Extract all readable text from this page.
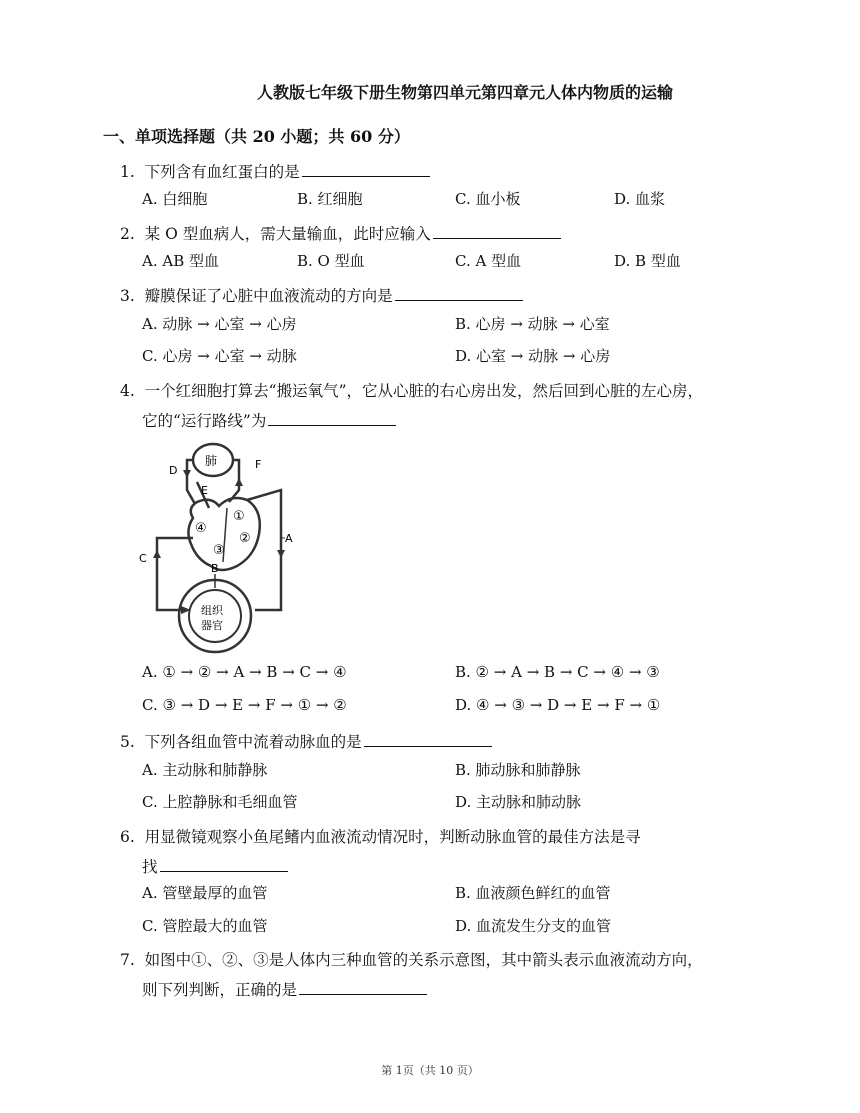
人教版七年级下册生物第四单元第四章元人体内物质的运输
一、单项选择题（共 20 小题；共 60 分）
1. 下列含有血红蛋白的是
A. 白细胞	B. 红细胞	C. 血小板	D. 血浆
2. 某 O 型血病人，需大量输血，此时应输入
A. AB 型血	B. O 型血	C. A 型血	D. B 型血
3. 瓣膜保证了心脏中血液流动的方向是
A. 动脉 → 心室 → 心房	B. 心房 → 动脉 → 心室
C. 心房 → 心室 → 动脉	D. 心室 → 动脉 → 心房
4. 一个红细胞打算去“搬运氧气”，它从心脏的右心房出发，然后回到心脏的左心房，
它的“运行路线”为
肺
组织
器官
A
B
C
D
E
F
①
②
③
④
A. ① → ② → A → B → C → ④	B. ② → A → B → C → ④ → ③
C. ③ → D → E → F → ① → ②	D. ④ → ③ → D → E → F → ①
5. 下列各组血管中流着动脉血的是
A. 主动脉和肺静脉	B. 肺动脉和肺静脉
C. 上腔静脉和毛细血管	D. 主动脉和肺动脉
6. 用显微镜观察小鱼尾鳍内血液流动情况时，判断动脉血管的最佳方法是寻
找
A. 管壁最厚的血管	B. 血液颜色鲜红的血管
C. 管腔最大的血管	D. 血流发生分支的血管
7. 如图中①、②、③是人体内三种血管的关系示意图，其中箭头表示血液流动方向，
则下列判断，正确的是
第 1页（共 10 页）
